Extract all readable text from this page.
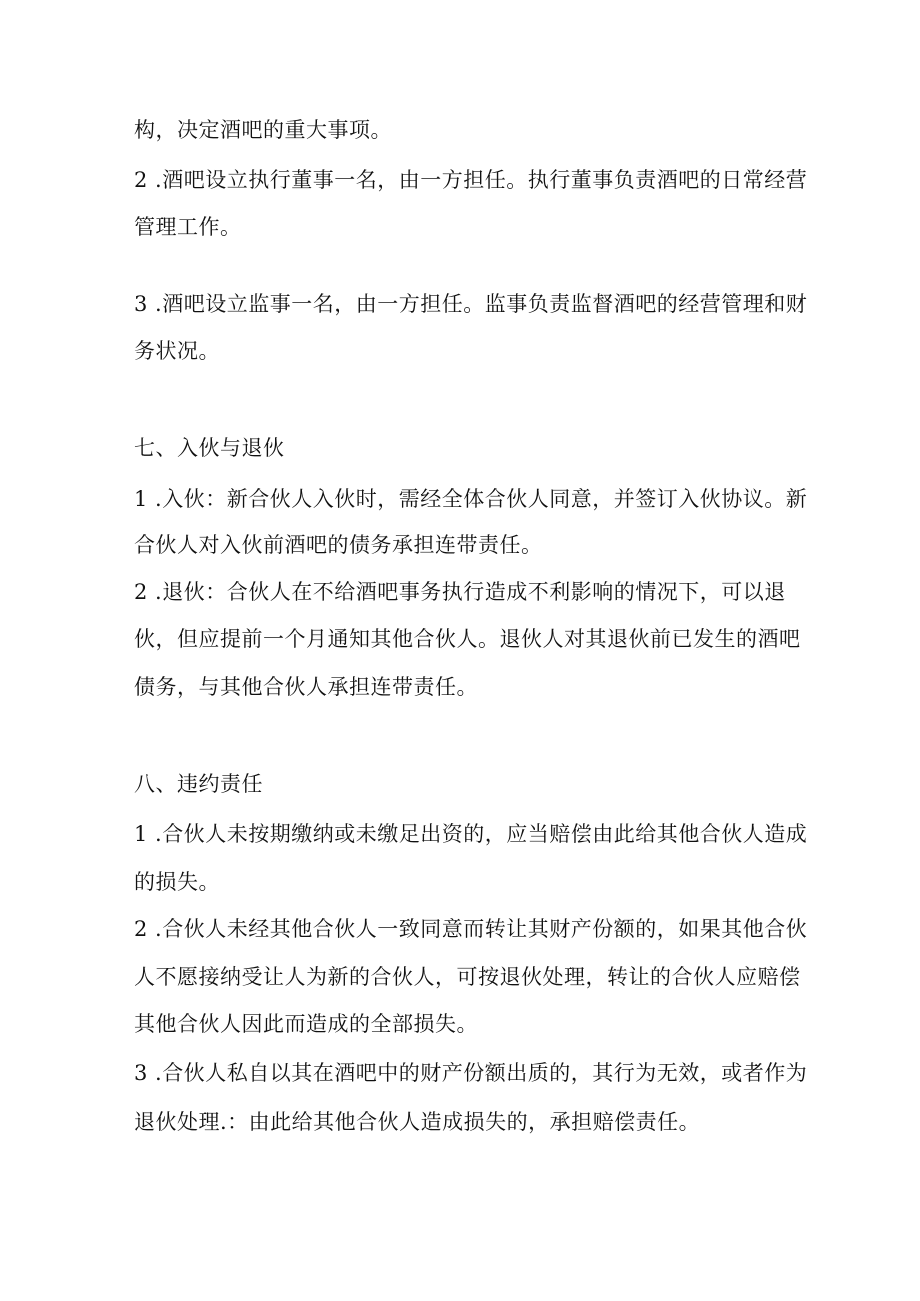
构，决定酒吧的重大事项。
2 .酒吧设立执行董事一名，由一方担任。执行董事负责酒吧的日常经营
管理工作。
3 .酒吧设立监事一名，由一方担任。监事负责监督酒吧的经营管理和财
务状况。
七、入伙与退伙
1 .入伙：新合伙人入伙时，需经全体合伙人同意，并签订入伙协议。新
合伙人对入伙前酒吧的债务承担连带责任。
2 .退伙：合伙人在不给酒吧事务执行造成不利影响的情况下，可以退
伙，但应提前一个月通知其他合伙人。退伙人对其退伙前已发生的酒吧
债务，与其他合伙人承担连带责任。
八、违约责任
1 .合伙人未按期缴纳或未缴足出资的，应当赔偿由此给其他合伙人造成
的损失。
2 .合伙人未经其他合伙人一致同意而转让其财产份额的，如果其他合伙
人不愿接纳受让人为新的合伙人，可按退伙处理，转让的合伙人应赔偿
其他合伙人因此而造成的全部损失。
3 .合伙人私自以其在酒吧中的财产份额出质的，其行为无效，或者作为
退伙处理.：由此给其他合伙人造成损失的，承担赔偿责任。
